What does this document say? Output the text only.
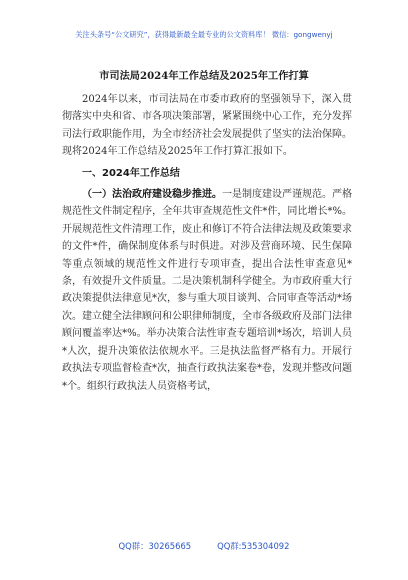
关注头条号“公文研究”，获得最新最全最专业的公文资料库！ 微信：gongwenyj
市司法局2024年工作总结及2025年工作打算

2024年以来，市司法局在市委市政府的坚强领导下，深入贯彻落实中央和省、市各项决策部署，紧紧围绕中心工作，充分发挥司法行政职能作用，为全市经济社会发展提供了坚实的法治保障。现将2024年工作总结及2025年工作打算汇报如下。

一、2024年工作总结

（一）法治政府建设稳步推进。一是制度建设严谨规范。严格规范性文件制定程序，全年共审查规范性文件*件，同比增长*%。开展规范性文件清理工作，废止和修订不符合法律法规及政策要求的文件*件，确保制度体系与时俱进。对涉及营商环境、民生保障等重点领域的规范性文件进行专项审查，提出合法性审查意见*条，有效提升文件质量。二是决策机制科学健全。为市政府重大行政决策提供法律意见*次，参与重大项目谈判、合同审查等活动*场次。建立健全法律顾问和公职律师制度，全市各级政府及部门法律顾问覆盖率达*%。举办决策合法性审查专题培训*场次，培训人员*人次，提升决策依法依规水平。三是执法监督严格有力。开展行政执法专项监督检查*次，抽查行政执法案卷*卷，发现并整改问题*个。组织行政执法人员资格考试，

QQ群：30265665	QQ群:535304092
